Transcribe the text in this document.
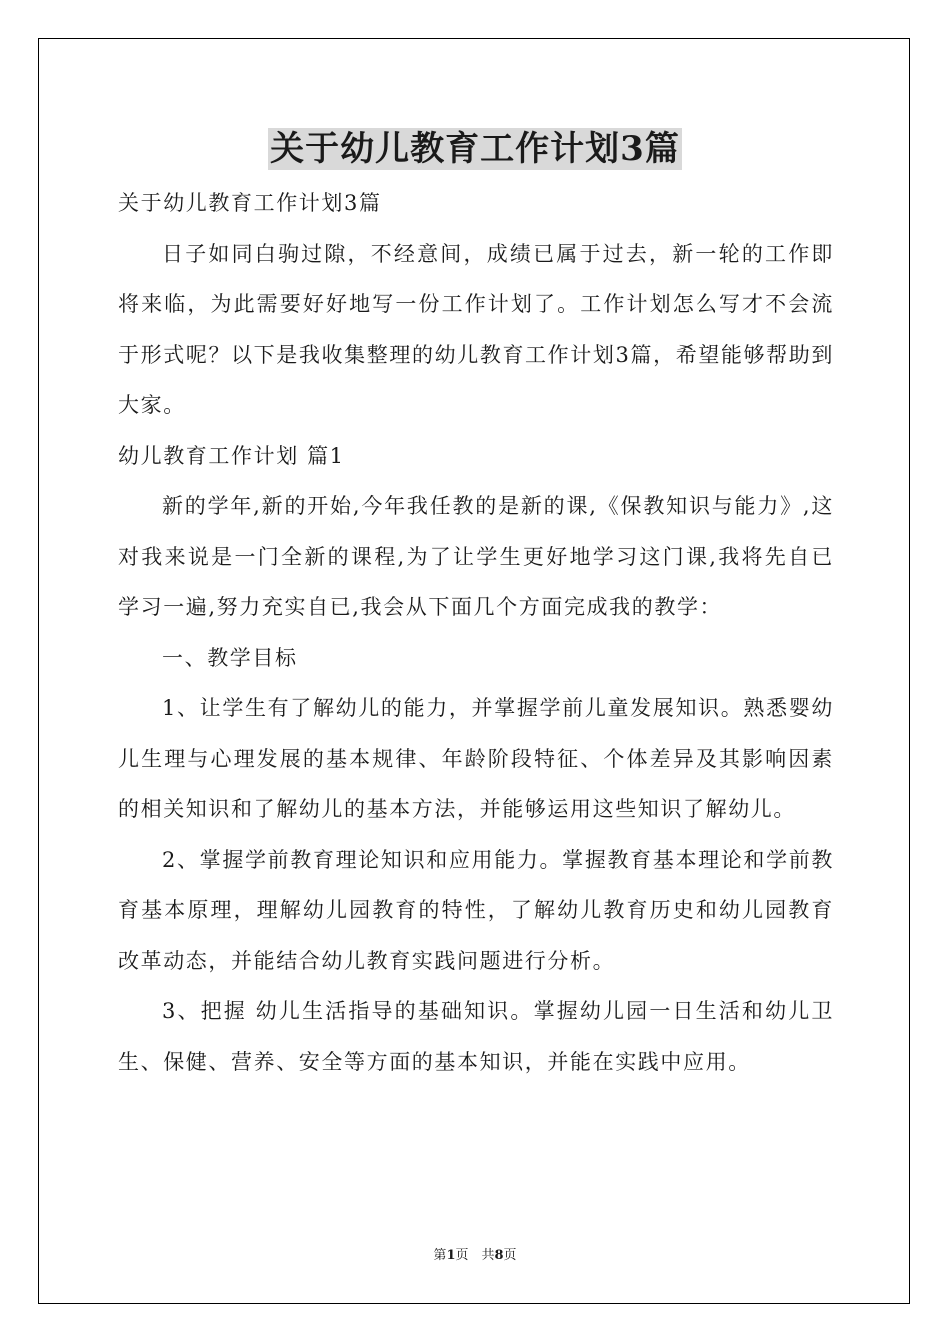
关于幼儿教育工作计划3篇

关于幼儿教育工作计划3篇

日子如同白驹过隙，不经意间，成绩已属于过去，新一轮的工作即将来临，为此需要好好地写一份工作计划了。工作计划怎么写才不会流于形式呢？以下是我收集整理的幼儿教育工作计划3篇，希望能够帮助到大家。

幼儿教育工作计划 篇1

新的学年,新的开始,今年我任教的是新的课,《保教知识与能力》,这对我来说是一门全新的课程,为了让学生更好地学习这门课,我将先自已学习一遍,努力充实自已,我会从下面几个方面完成我的教学：

一、教学目标

1、让学生有了解幼儿的能力，并掌握学前儿童发展知识。熟悉婴幼儿生理与心理发展的基本规律、年龄阶段特征、个体差异及其影响因素的相关知识和了解幼儿的基本方法，并能够运用这些知识了解幼儿。

2、掌握学前教育理论知识和应用能力。掌握教育基本理论和学前教育基本原理，理解幼儿园教育的特性，了解幼儿教育历史和幼儿园教育改革动态，并能结合幼儿教育实践问题进行分析。

3、把握 幼儿生活指导的基础知识。掌握幼儿园一日生活和幼儿卫生、保健、营养、安全等方面的基本知识，并能在实践中应用。

第1页　共8页
